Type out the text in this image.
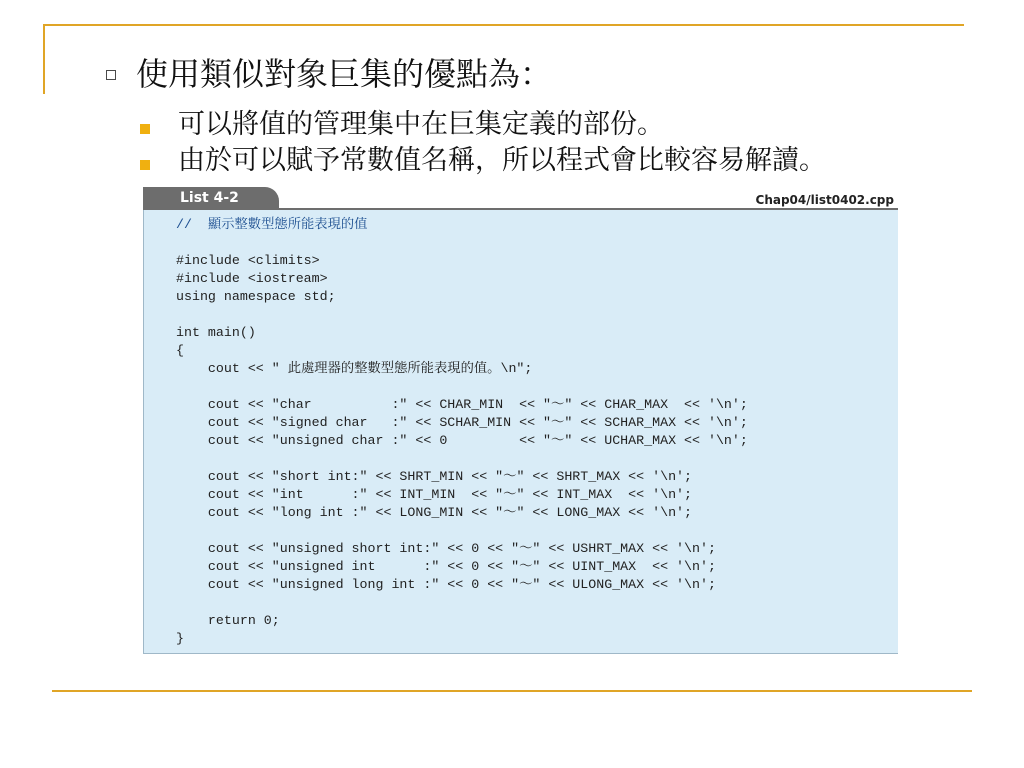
使用類似對象巨集的優點為：
可以將值的管理集中在巨集定義的部份。
由於可以賦予常數值名稱，所以程式會比較容易解讀。
List 4-2	Chap04/list0402.cpp
//  顯示整數型態所能表現的值

#include <climits>
#include <iostream>
using namespace std;

int main()
{
cout << " 此處理器的整數型態所能表現的值。\n";

cout << "char          :" << CHAR_MIN  << "～" << CHAR_MAX  << '\n';
cout << "signed char   :" << SCHAR_MIN << "～" << SCHAR_MAX << '\n';
cout << "unsigned char :" << 0         << "～" << UCHAR_MAX << '\n';

cout << "short int:" << SHRT_MIN << "～" << SHRT_MAX << '\n';
cout << "int      :" << INT_MIN  << "～" << INT_MAX  << '\n';
cout << "long int :" << LONG_MIN << "～" << LONG_MAX << '\n';

cout << "unsigned short int:" << 0 << "～" << USHRT_MAX << '\n';
cout << "unsigned int      :" << 0 << "～" << UINT_MAX  << '\n';
cout << "unsigned long int :" << 0 << "～" << ULONG_MAX << '\n';

return 0;
}
